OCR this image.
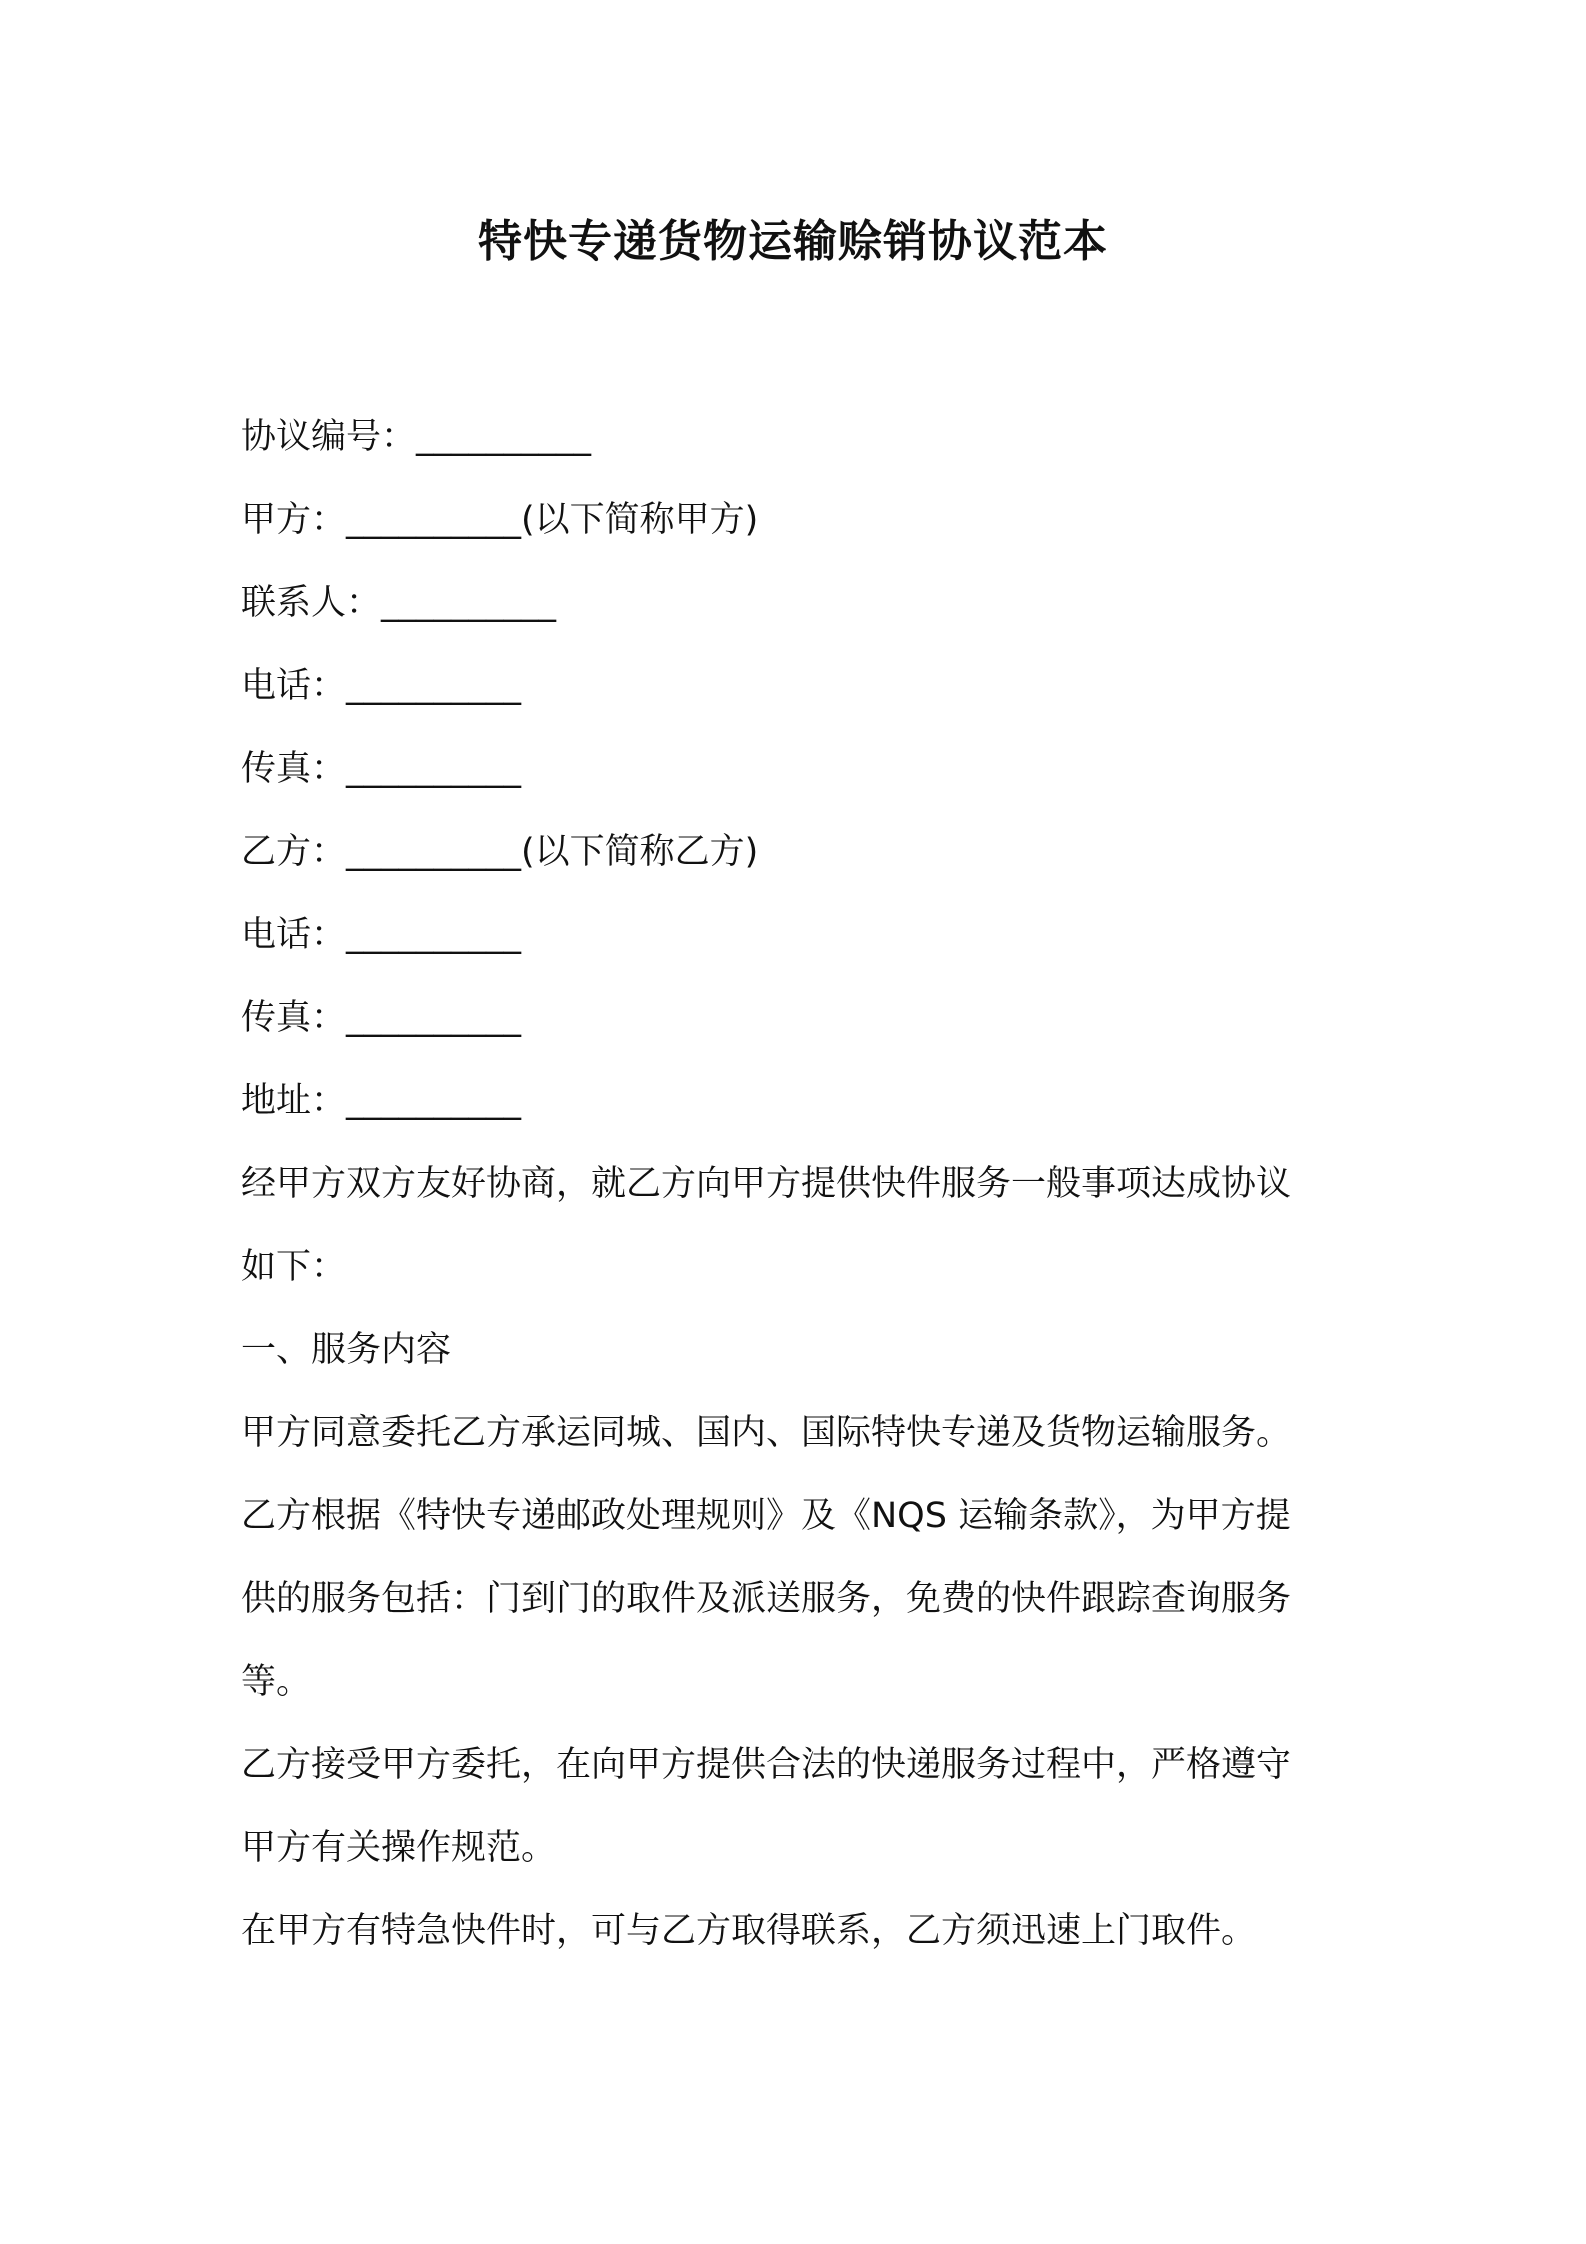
特快专递货物运输赊销协议范本
协议编号：__________
甲方：__________(以下简称甲方)
联系人：__________
电话：__________
传真：__________
乙方：__________(以下简称乙方)
电话：__________
传真：__________
地址：__________
经甲方双方友好协商，就乙方向甲方提供快件服务一般事项达成协议
如下：
一、服务内容
甲方同意委托乙方承运同城、国内、国际特快专递及货物运输服务。
乙方根据《特快专递邮政处理规则》及《NQS 运输条款》，为甲方提
供的服务包括：门到门的取件及派送服务，免费的快件跟踪查询服务
等。
乙方接受甲方委托，在向甲方提供合法的快递服务过程中，严格遵守
甲方有关操作规范。
在甲方有特急快件时，可与乙方取得联系，乙方须迅速上门取件。
